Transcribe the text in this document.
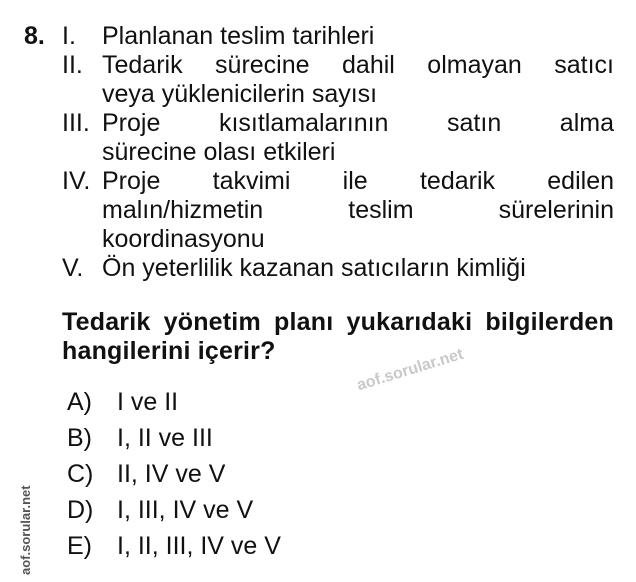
8. I.	Planlanan teslim tarihleri
II. Tedarik sürecine dahil olmayan satıcı
veya yüklenicilerin sayısı
III. Proje kısıtlamalarının satın alma
sürecine olası etkileri
IV. Proje takvimi ile tedarik edilen
malın/hizmetin teslim sürelerinin
koordinasyonu
V. Ön yeterlilik kazanan satıcıların kimliği
Tedarik yönetim planı yukarıdaki bilgilerden
hangilerini içerir?
A)	I ve II
B)	I, II ve III
C) II, IV ve V
D) I, III, IV ve V
E)	I, II, III, IV ve V
aof.sorular.net
aof.sorular.net
